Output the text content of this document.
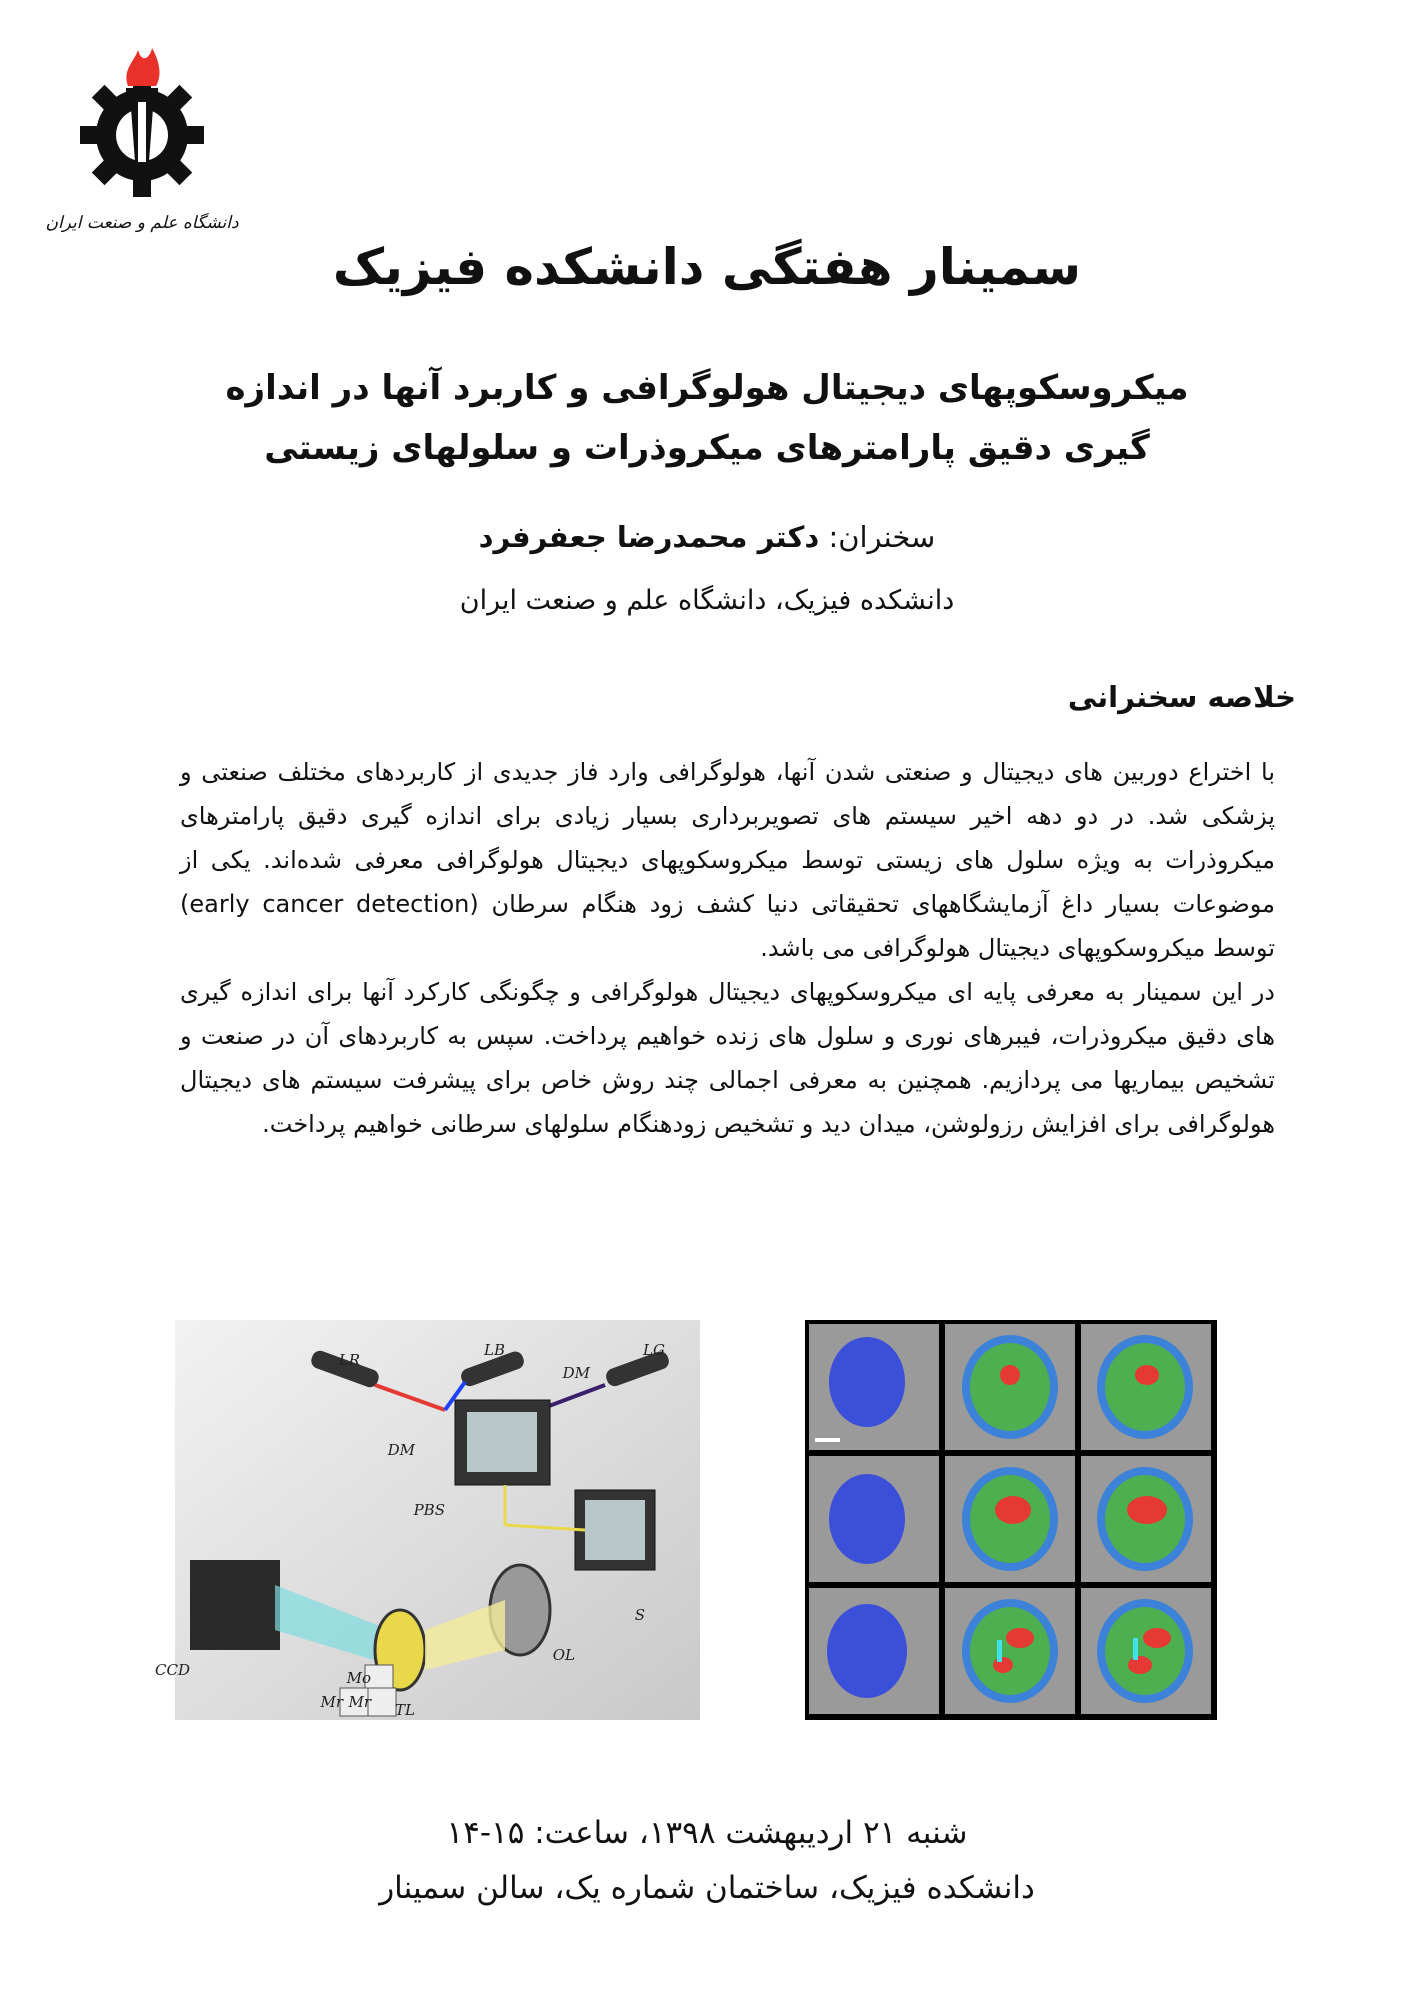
دانشگاه علم و صنعت ایران
سمینار هفتگی دانشکده فیزیک
میکروسکوپهای دیجیتال هولوگرافی و کاربرد آنها در اندازه
گیری دقیق پارامترهای میکروذرات و سلولهای زیستی
سخنران: دکتر محمدرضا جعفرفرد
دانشکده فیزیک، دانشگاه علم و صنعت ایران
خلاصه سخنرانی

با اختراع دوربین های دیجیتال و صنعتی شدن آنها، هولوگرافی وارد فاز جدیدی از کاربردهای مختلف صنعتی و پزشکی شد. در دو دهه اخیر سیستم های تصویربرداری بسیار زیادی برای اندازه گیری دقیق پارامترهای میکروذرات به ویژه سلول های زیستی توسط میکروسکوپهای دیجیتال هولوگرافی معرفی شده‌اند. یکی از موضوعات بسیار داغ آزمایشگاههای تحقیقاتی دنیا کشف زود هنگام سرطان (early cancer detection) توسط میکروسکوپهای دیجیتال هولوگرافی می باشد.

در این سمینار به معرفی پایه ای میکروسکوپهای دیجیتال هولوگرافی و چگونگی کارکرد آنها برای اندازه گیری های دقیق میکروذرات، فیبرهای نوری و سلول های زنده خواهیم پرداخت. سپس به کاربردهای آن در صنعت و تشخیص بیماریها می پردازیم. همچنین به معرفی اجمالی چند روش خاص برای پیشرفت سیستم های دیجیتال هولوگرافی برای افزایش رزولوشن، میدان دید و تشخیص زودهنگام سلولهای سرطانی خواهیم پرداخت.

LR
LB	LG
DM
DM
PBS
CCD	Mo
Mr Mr TL
OL
S
شنبه ۲۱ اردیبهشت ۱۳۹۸، ساعت: ۱۵-۱۴
دانشکده فیزیک، ساختمان شماره یک، سالن سمینار
